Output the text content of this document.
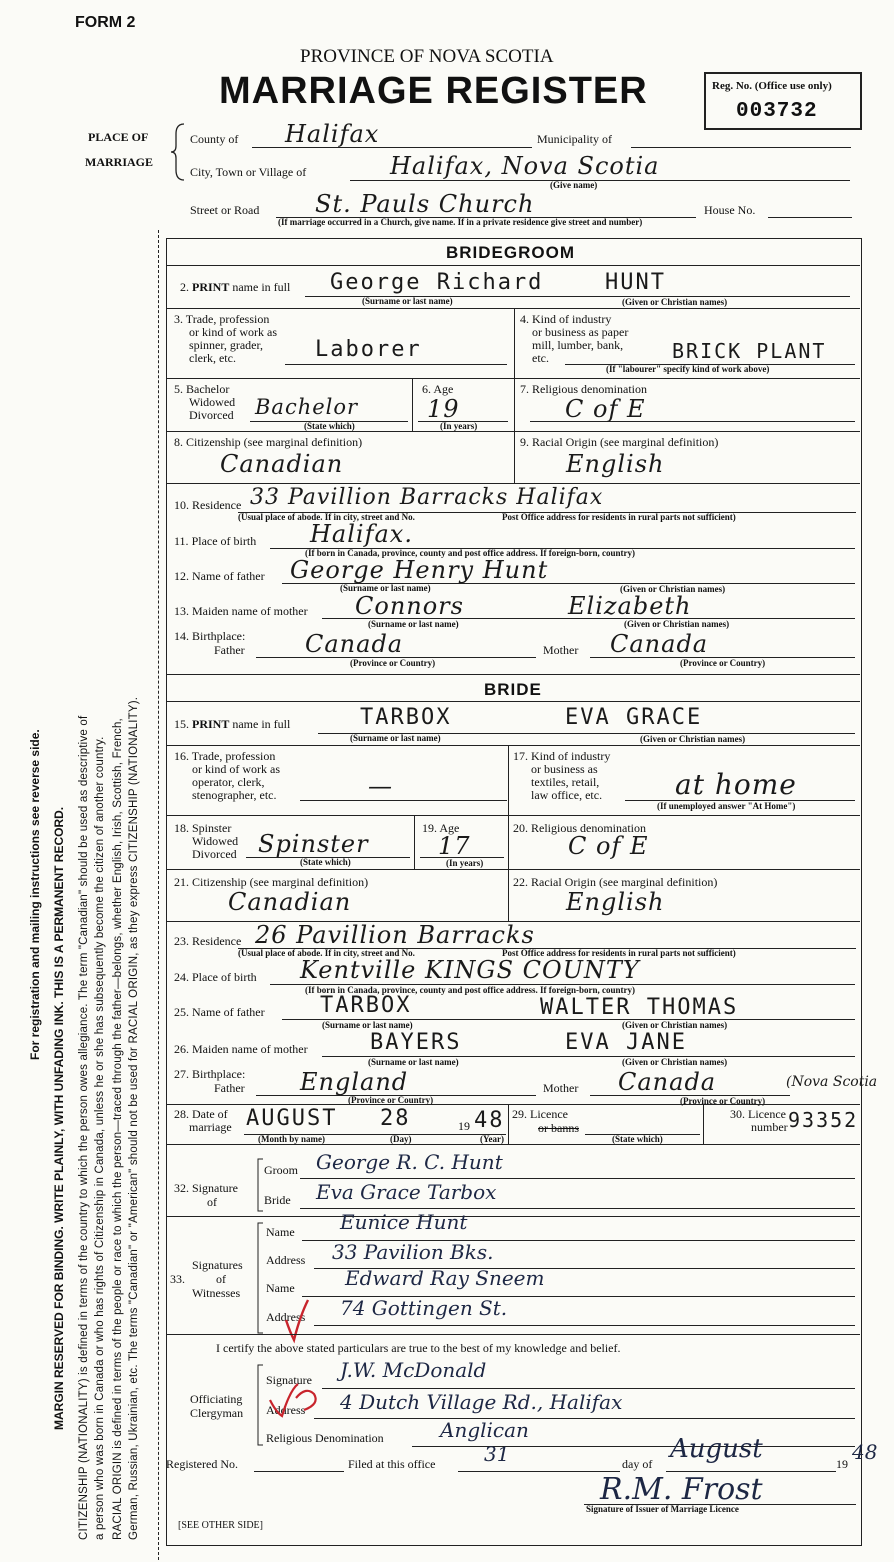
FORM 2
PROVINCE OF NOVA SCOTIA
MARRIAGE REGISTER	Reg. No. (Office use only)
003732
PLACE OF
MARRIAGE
County of Halifax	Municipality of
City, Town or Village of	Halifax, Nova Scotia
(Give name)
Street or Road St. Pauls Church	House No.
(If marriage occurred in a Church, give name. If in a private residence give street and number)
BRIDEGROOM
2. PRINT name in full George Richard	HUNT
(Surname or last name)	(Given or Christian names)
3. Trade, profession
or kind of work as
spinner, grader,
clerk, etc.	Laborer
4. Kind of industry
or business as paper
mill, lumber, bank,
etc.	BRICK PLANT
(If "labourer" specify kind of work above)
5. Bachelor
Widowed
Divorced Bachelor
(State which)
6. Age
19
(In years)
7. Religious denomination
C of E
8. Citizenship (see marginal definition)
Canadian
9. Racial Origin (see marginal definition)
English
10. Residence 33 Pavillion Barracks Halifax
(Usual place of abode. If in city, street and No.	Post Office address for residents in rural parts not sufficient)
11. Place of birth Halifax.
(If born in Canada, province, county and post office address. If foreign-born, country)
12. Name of father George Henry Hunt
(Surname or last name)	(Given or Christian names)
13. Maiden name of mother Connors	Elizabeth
(Surname or last name)	(Given or Christian names)
14. Birthplace:
Father	Canada
(Province or Country)
Mother Canada
(Province or Country)
BRIDE
15. PRINT name in full	TARBOX	EVA GRACE
(Surname or last name)	(Given or Christian names)
16. Trade, profession
or kind of work as
operator, clerk,
stenographer, etc.	—
17. Kind of industry
or business as
textiles, retail,
law office, etc.	at home
(If unemployed answer "At Home")
18. Spinster
Widowed
Divorced Spinster
(State which)
19. Age
17
(In years)
20. Religious denomination
C of E
21. Citizenship (see marginal definition)
Canadian
22. Racial Origin (see marginal definition)
English
23. Residence 26 Pavillion Barracks
(Usual place of abode. If in city, street and No.	Post Office address for residents in rural parts not sufficient)
24. Place of birth Kentville KINGS COUNTY
(If born in Canada, province, county and post office address. If foreign-born, country)
25. Name of father	TARBOX	WALTER THOMAS
(Surname or last name)	(Given or Christian names)
26. Maiden name of mother	BAYERS	EVA JANE
(Surname or last name)	(Given or Christian names)
27. Birthplace:
Father England
(Province or Country)
Mother Canada	(Nova Scotia
(Province or Country)
28. Date of
marriage AUGUST 28	19 48
(Month by name)	(Day)	(Year)
29. Licence
or banns
(State which)
30. Licence
number 93352
32. Signature
of
Groom George R. C. Hunt
Bride Eva Grace Tarbox
33.
Signatures
of
Witnesses
Name Eunice Hunt
Address 33 Pavilion Bks.
Name	Edward Ray Sneem
Address 74 Gottingen St.
I certify the above stated particulars are true to the best of my knowledge and belief.
Officiating
Clergyman
Signature J.W. McDonald
Address 4 Dutch Village Rd., Halifax
Religious Denomination	Anglican
Registered No.	Filed at this office 31	day of August	19 48
R.M. Frost
Signature of Issuer of Marriage Licence
[SEE OTHER SIDE]
For registration and mailing instructions see reverse side. MARGIN RESERVED FOR BINDING. WRITE PLAINLY, WITH UNFADING INK. THIS IS A PERMANENT RECORD. CITIZENSHIP (NATIONALITY) is defined in terms of the country to which the person owes allegiance. The term "Canadian" should be used as descriptive of a person who was born in Canada or who has rights of Citizenship in Canada, unless he or she has subsequently become the citizen of another country. RACIAL ORIGIN is defined in terms of the people or race to which the person—traced through the father—belongs, whether English, Irish, Scottish, French, German, Russian, Ukrainian, etc. The terms "Canadian" or "American" should not be used for RACIAL ORIGIN, as they express CITIZENSHIP (NATIONALITY).
